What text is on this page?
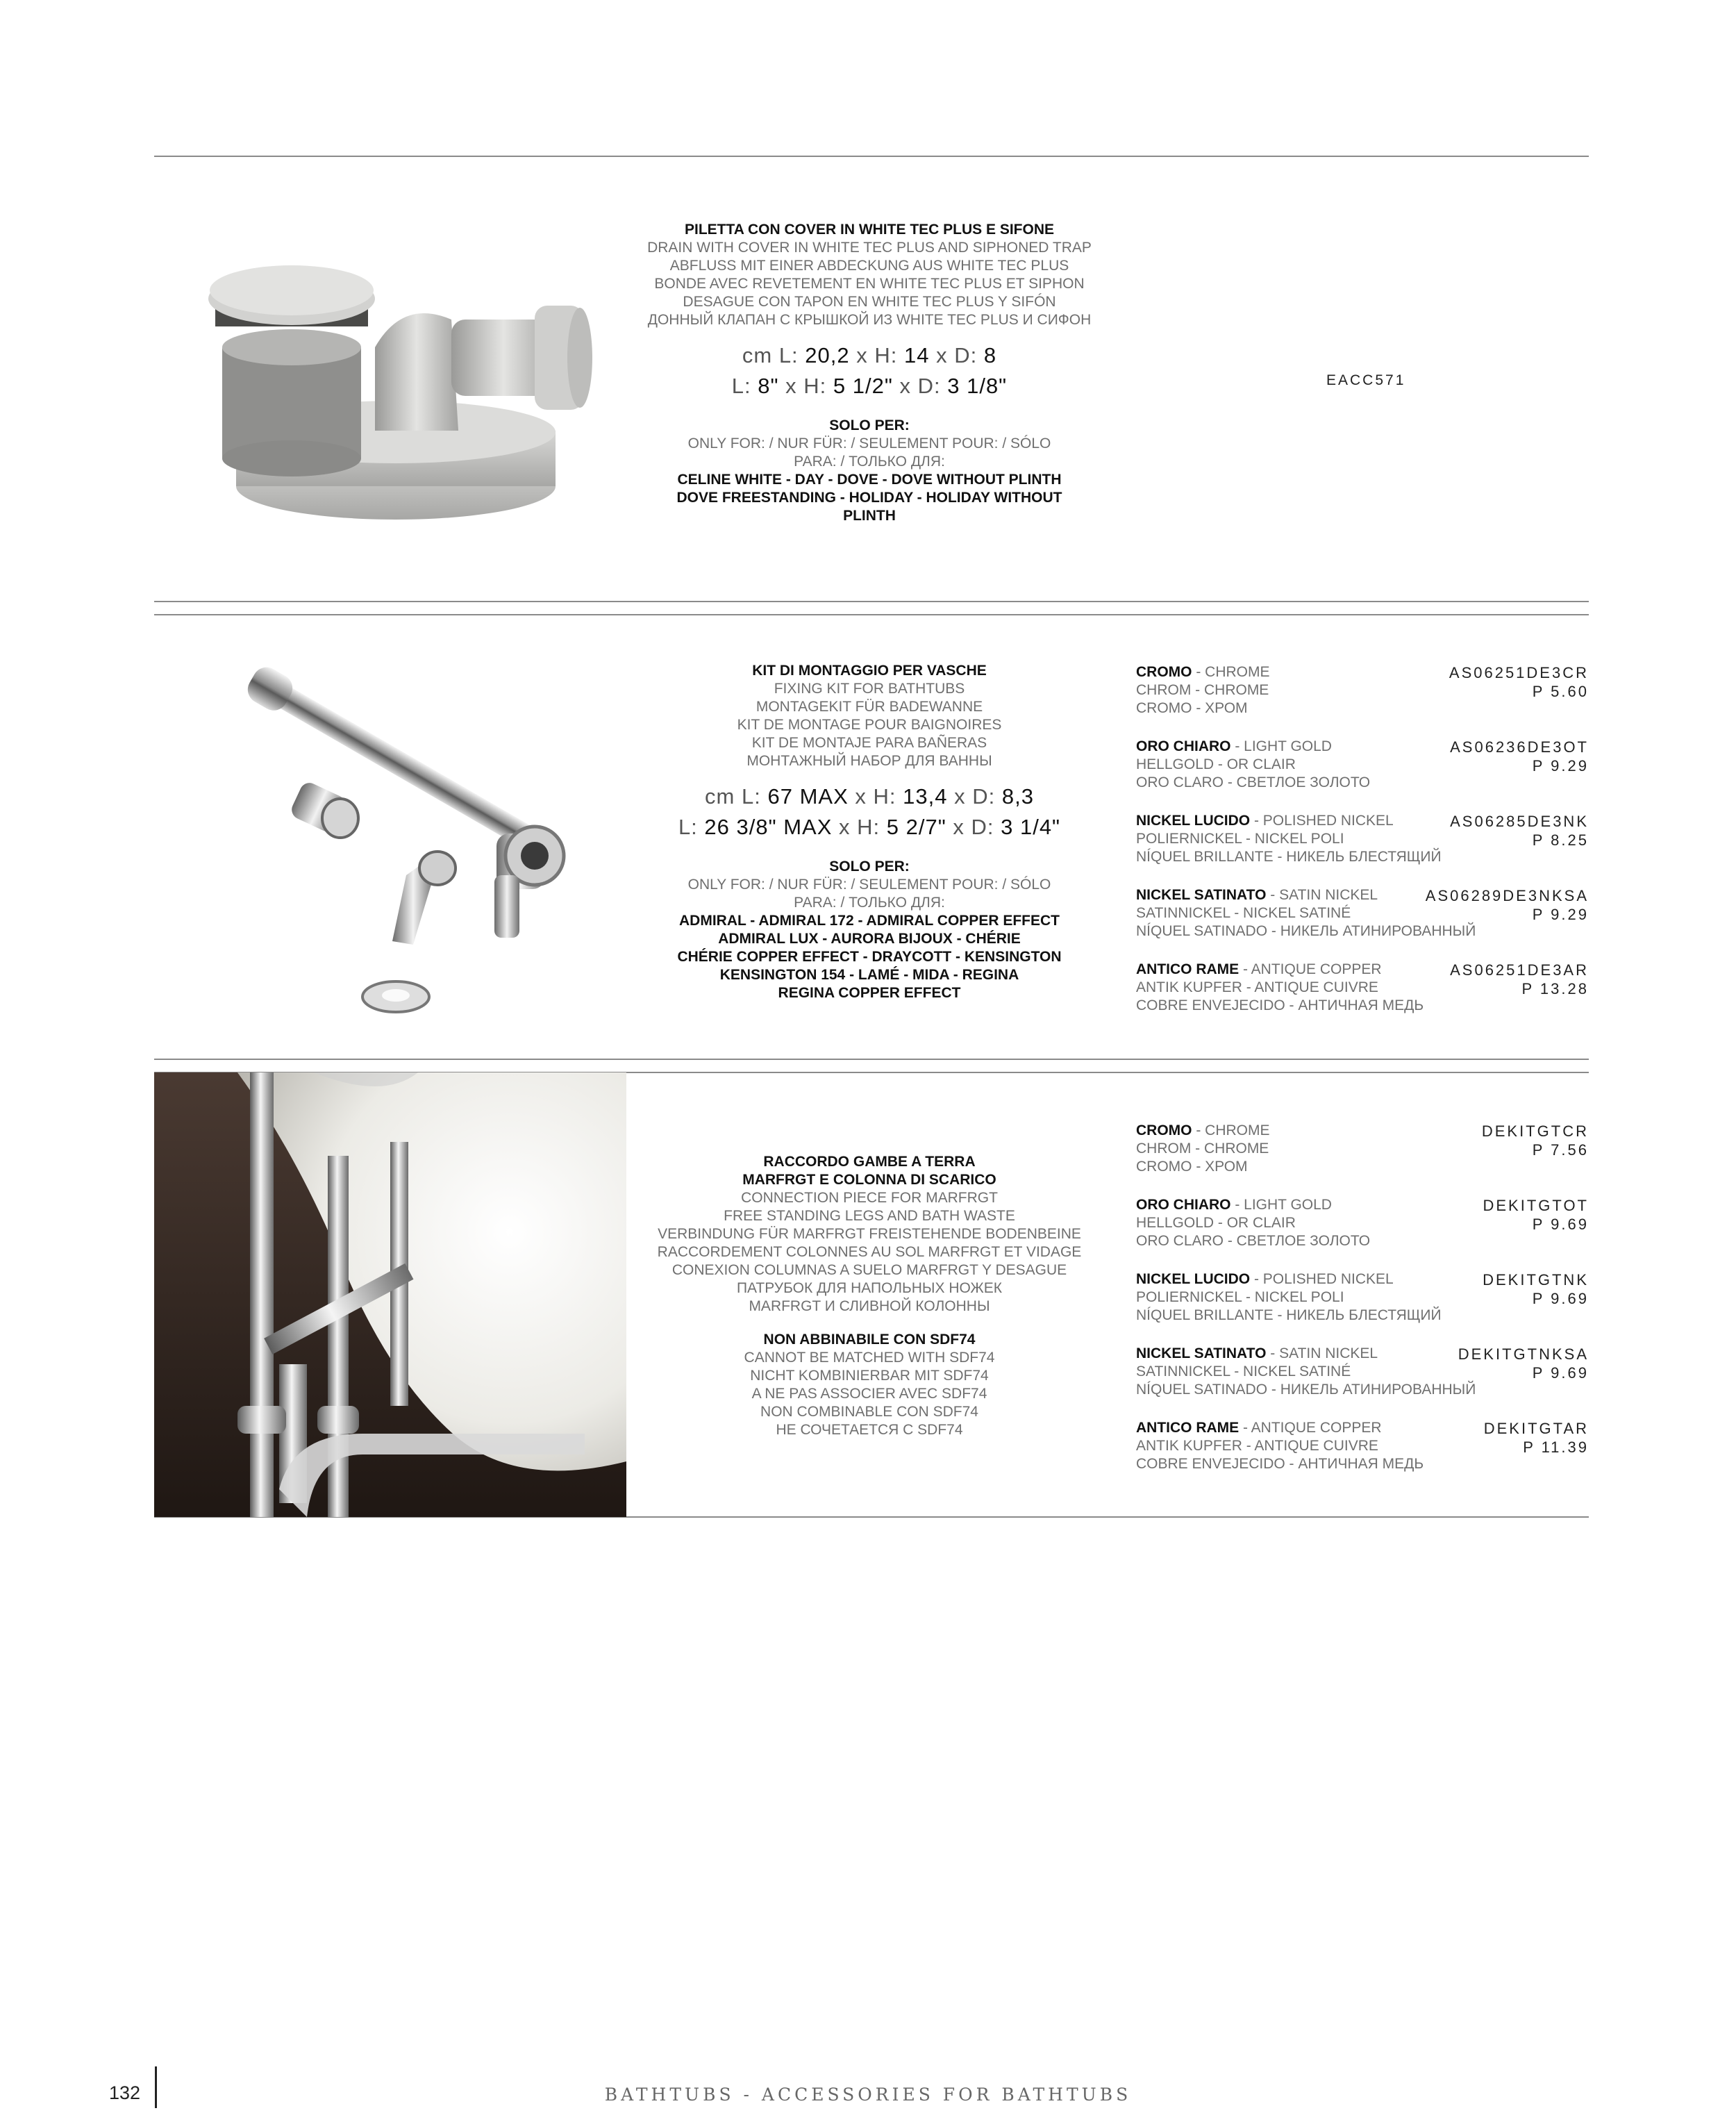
PILETTA CON COVER IN WHITE TEC PLUS E SIFONE
DRAIN WITH COVER IN WHITE TEC PLUS AND SIPHONED TRAP
ABFLUSS MIT EINER ABDECKUNG AUS WHITE TEC PLUS
BONDE AVEC REVETEMENT EN WHITE TEC PLUS ET SIPHON
DESAGUE CON TAPON EN WHITE TEC PLUS Y SIFÓN
ДОННЫЙ КЛАПАН С КРЫШКОЙ ИЗ WHITE TEC PLUS И СИФОН
cm L: 20,2 x H: 14 x D: 8
L: 8" x H: 5 1/2" x D: 3 1/8"
SOLO PER:
ONLY FOR: / NUR FÜR: / SEULEMENT POUR: / SÓLO
PARA: / ТОЛЬКО ДЛЯ:
CELINE WHITE - DAY - DOVE - DOVE WITHOUT PLINTH
DOVE FREESTANDING - HOLIDAY - HOLIDAY WITHOUT
PLINTH
EACC571
KIT DI MONTAGGIO PER VASCHE
FIXING KIT FOR BATHTUBS
MONTAGEKIT FÜR BADEWANNE
KIT DE MONTAGE POUR BAIGNOIRES
KIT DE MONTAJE PARA BAÑERAS
МОНТАЖНЫЙ НАБОР ДЛЯ ВАННЫ
cm L: 67 MAX x H: 13,4 x D: 8,3
L: 26 3/8" MAX x H: 5 2/7" x D: 3 1/4"
SOLO PER:
ONLY FOR: / NUR FÜR: / SEULEMENT POUR: / SÓLO
PARA: / ТОЛЬКО ДЛЯ:
ADMIRAL - ADMIRAL 172 - ADMIRAL COPPER EFFECT
ADMIRAL LUX - AURORA BIJOUX - CHÉRIE
CHÉRIE COPPER EFFECT - DRAYCOTT - KENSINGTON
KENSINGTON 154 - LAMÉ - MIDA - REGINA
REGINA COPPER EFFECT
CROMO - CHROME
CHROM - CHROME
CROMO - ХРОМ
AS06251DE3CR
P 5.60
ORO CHIARO - LIGHT GOLD
HELLGOLD - OR CLAIR
ORO CLARO - СВЕТЛОЕ ЗОЛОТО
AS06236DE3OT
P 9.29
NICKEL LUCIDO - POLISHED NICKEL
POLIERNICKEL - NICKEL POLI
NÍQUEL BRILLANTE - НИКЕЛЬ БЛЕСТЯЩИЙ
AS06285DE3NK
P 8.25
NICKEL SATINATO - SATIN NICKEL
SATINNICKEL - NICKEL SATINÉ
NÍQUEL SATINADO - НИКЕЛЬ АТИНИРОВАННЫЙ
AS06289DE3NKSA
P 9.29
ANTICO RAME - ANTIQUE COPPER
ANTIK KUPFER - ANTIQUE CUIVRE
COBRE ENVEJECIDO - АНТИЧНАЯ МЕДЬ
AS06251DE3AR
P 13.28
RACCORDO GAMBE A TERRA
MARFRGT E COLONNA DI SCARICO
CONNECTION PIECE FOR MARFRGT
FREE STANDING LEGS AND BATH WASTE
VERBINDUNG FÜR MARFRGT FREISTEHENDE BODENBEINE
RACCORDEMENT COLONNES AU SOL MARFRGT ET VIDAGE
CONEXION COLUMNAS A SUELO MARFRGT Y DESAGUE
ПАТРУБОК ДЛЯ НАПОЛЬНЫХ НОЖЕК
MARFRGT И СЛИВНОЙ КОЛОННЫ
NON ABBINABILE CON SDF74
CANNOT BE MATCHED WITH SDF74
NICHT KOMBINIERBAR MIT SDF74
A NE PAS ASSOCIER AVEC SDF74
NON COMBINABLE CON SDF74
НЕ СОЧЕТАЕТСЯ С SDF74
CROMO - CHROME
CHROM - CHROME
CROMO - ХРОМ
DEKITGTCR
P 7.56
ORO CHIARO - LIGHT GOLD
HELLGOLD - OR CLAIR
ORO CLARO - СВЕТЛОЕ ЗОЛОТО
DEKITGTOT
P 9.69
NICKEL LUCIDO - POLISHED NICKEL
POLIERNICKEL - NICKEL POLI
NÍQUEL BRILLANTE - НИКЕЛЬ БЛЕСТЯЩИЙ
DEKITGTNK
P 9.69
NICKEL SATINATO - SATIN NICKEL
SATINNICKEL - NICKEL SATINÉ
NÍQUEL SATINADO - НИКЕЛЬ АТИНИРОВАННЫЙ
DEKITGTNKSA
P 9.69
ANTICO RAME - ANTIQUE COPPER
ANTIK KUPFER - ANTIQUE CUIVRE
COBRE ENVEJECIDO - АНТИЧНАЯ МЕДЬ
DEKITGTAR
P 11.39
132	BATHTUBS - ACCESSORIES FOR BATHTUBS
